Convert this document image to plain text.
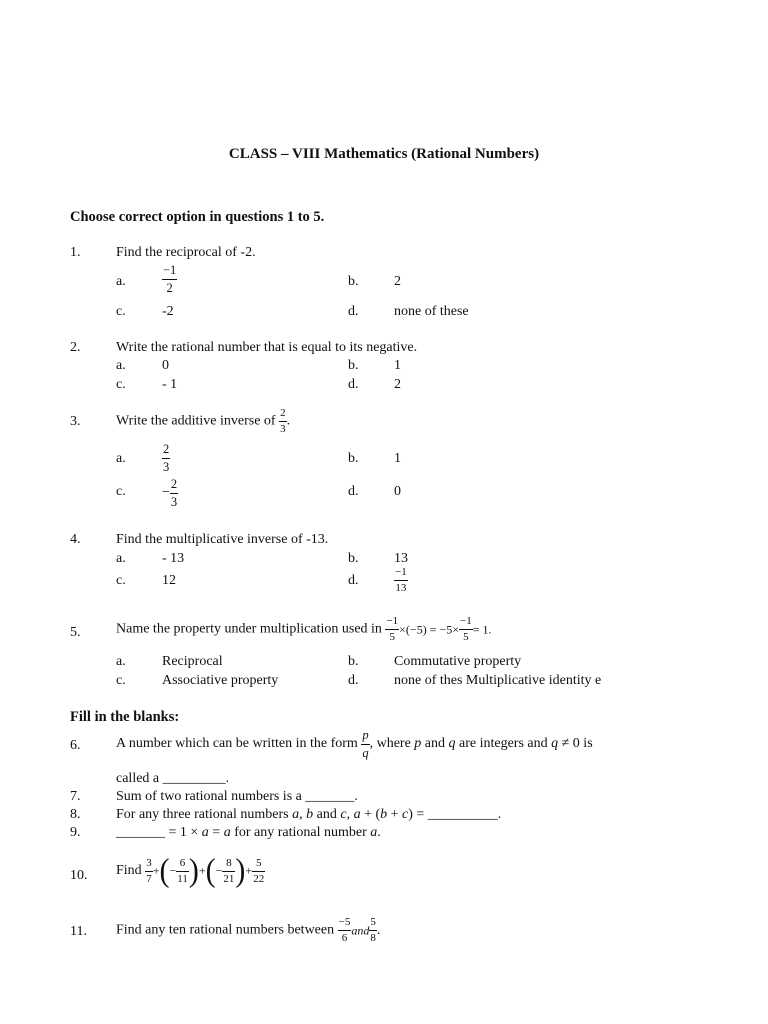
CLASS – VIII Mathematics (Rational Numbers)
Choose correct option in questions 1 to 5.
1.	Find the reciprocal of -2.
a.	$\frac{-1}{2}$	b.	2
c.	-2	d.	none of these
2.	Write the rational number that is equal to its negative.
a.	0	b.	1
c.	- 1	d.	2
3.	Write the additive inverse of $\frac{2}{3}$ .
a.	$\frac{2}{3}$	b.	1
c.	− $\frac{2}{3}$	d.	0
4.	Find the multiplicative inverse of -13.
a.	- 13	b.	13
c.	12	d.	$\frac{-1}{13}$
5.	Name the property under multiplication used in $\frac{-1}{5} \times(-5) = -5\times \frac{-1}{5} = 1$.
a.	Reciprocal	b.	Commutative property
c.	Associative property	d.	none of thes Multiplicative identity e
Fill in the blanks:
6.	A number which can be written in the form $\frac{p}{q}$ , where p and q are integers and q ≠ 0 is
called a _________.
7.	Sum of two rational numbers is a _______.
8.	For any three rational numbers a, b and c, a + (b + c) = __________.
9.	_______ = 1 × a = a for any rational number a.
10. Find $\frac{3}{7}$ +(− $\frac{6}{11}$ )+(− $\frac{8}{21}$ )+ $\frac{5}{22}$
11. Find any ten rational numbers between $\frac{-5}{6}$ and $\frac{5}{8}$ .
